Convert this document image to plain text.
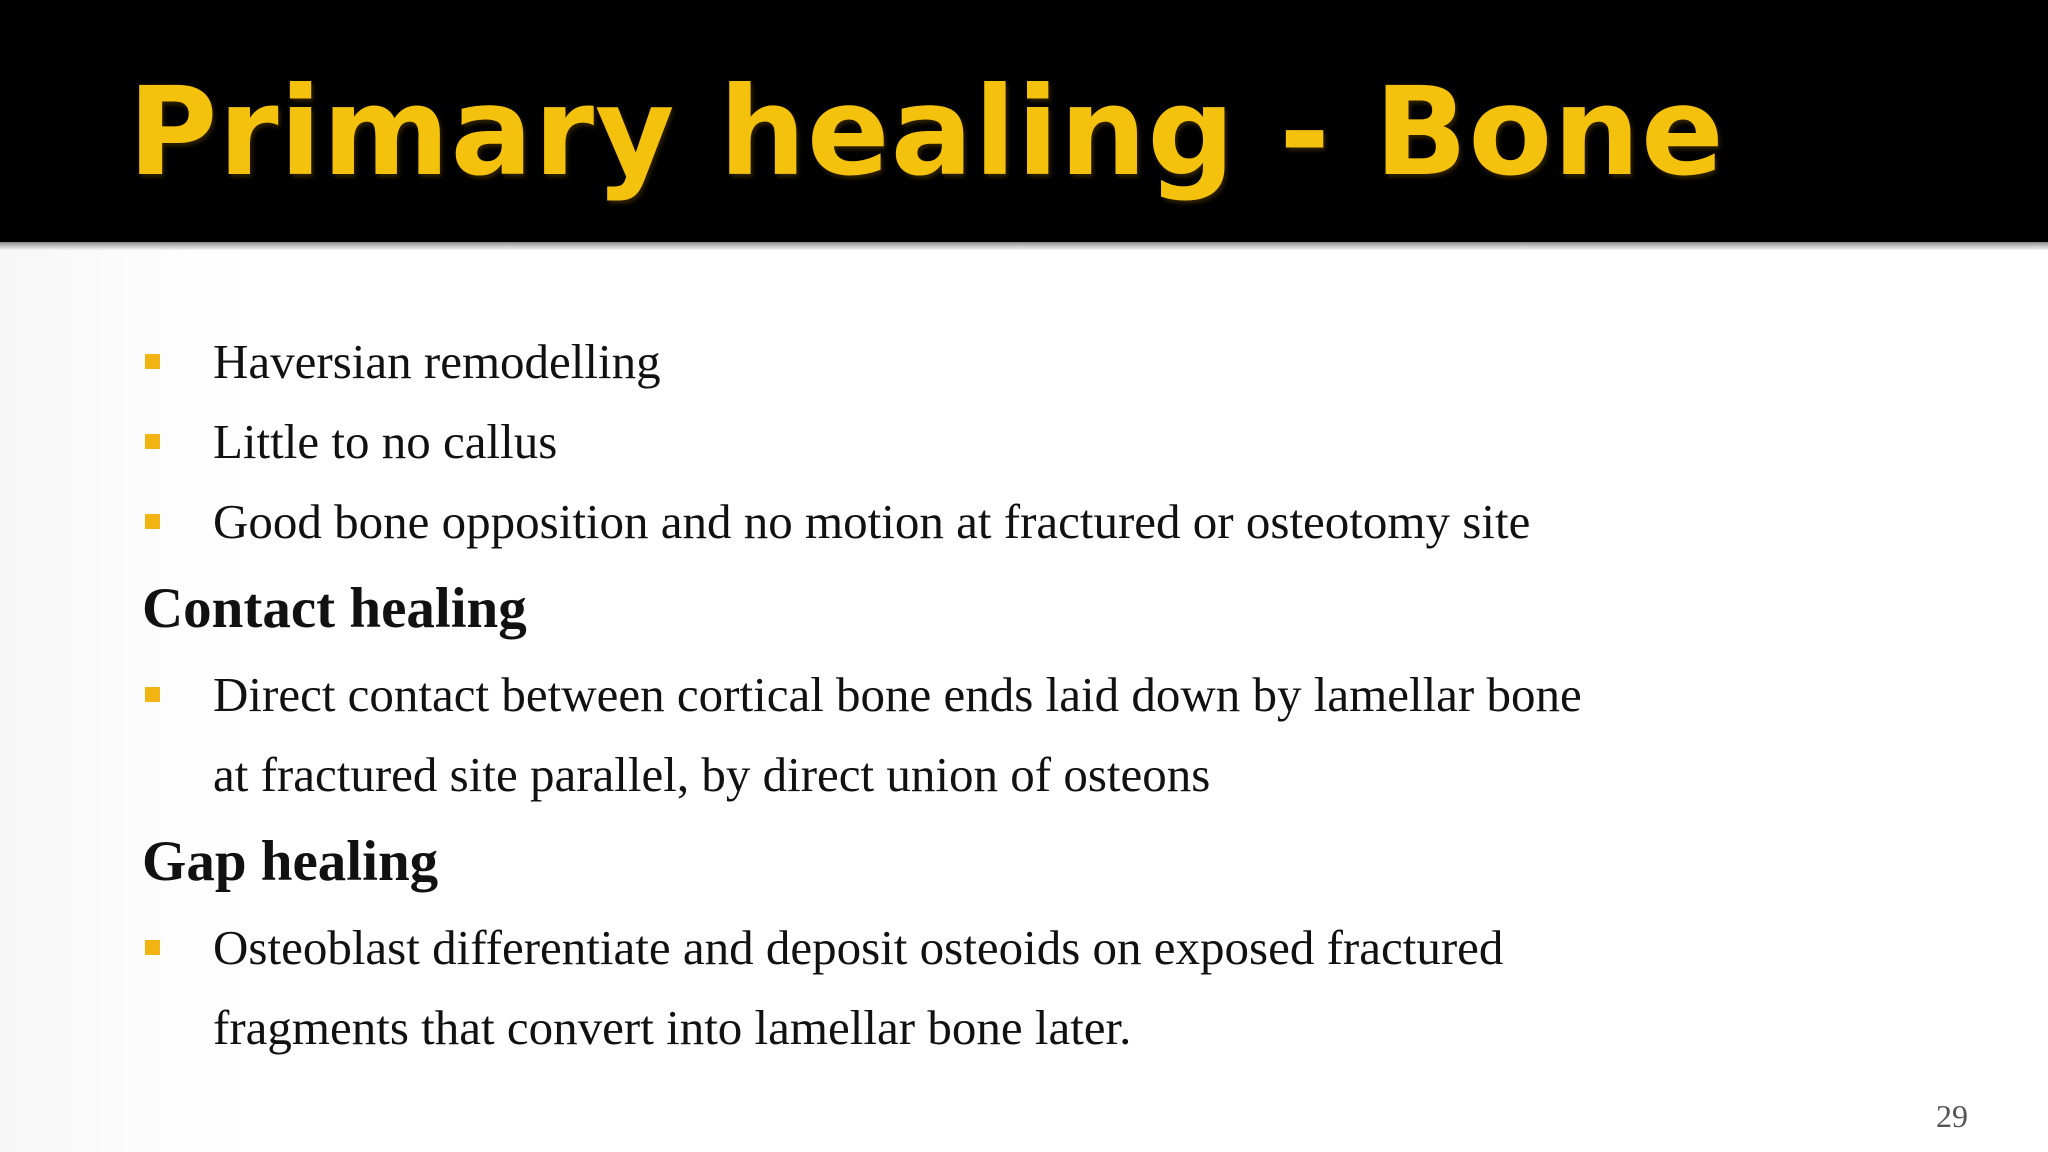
Primary healing - Bone
Haversian remodelling
Little to no callus
Good bone opposition and no motion at fractured or osteotomy site
Contact healing
Direct contact between cortical bone ends laid down by lamellar bone
at fractured site parallel, by direct union of osteons
Gap healing
Osteoblast differentiate and deposit osteoids on exposed fractured
fragments that convert into lamellar bone later.
29
